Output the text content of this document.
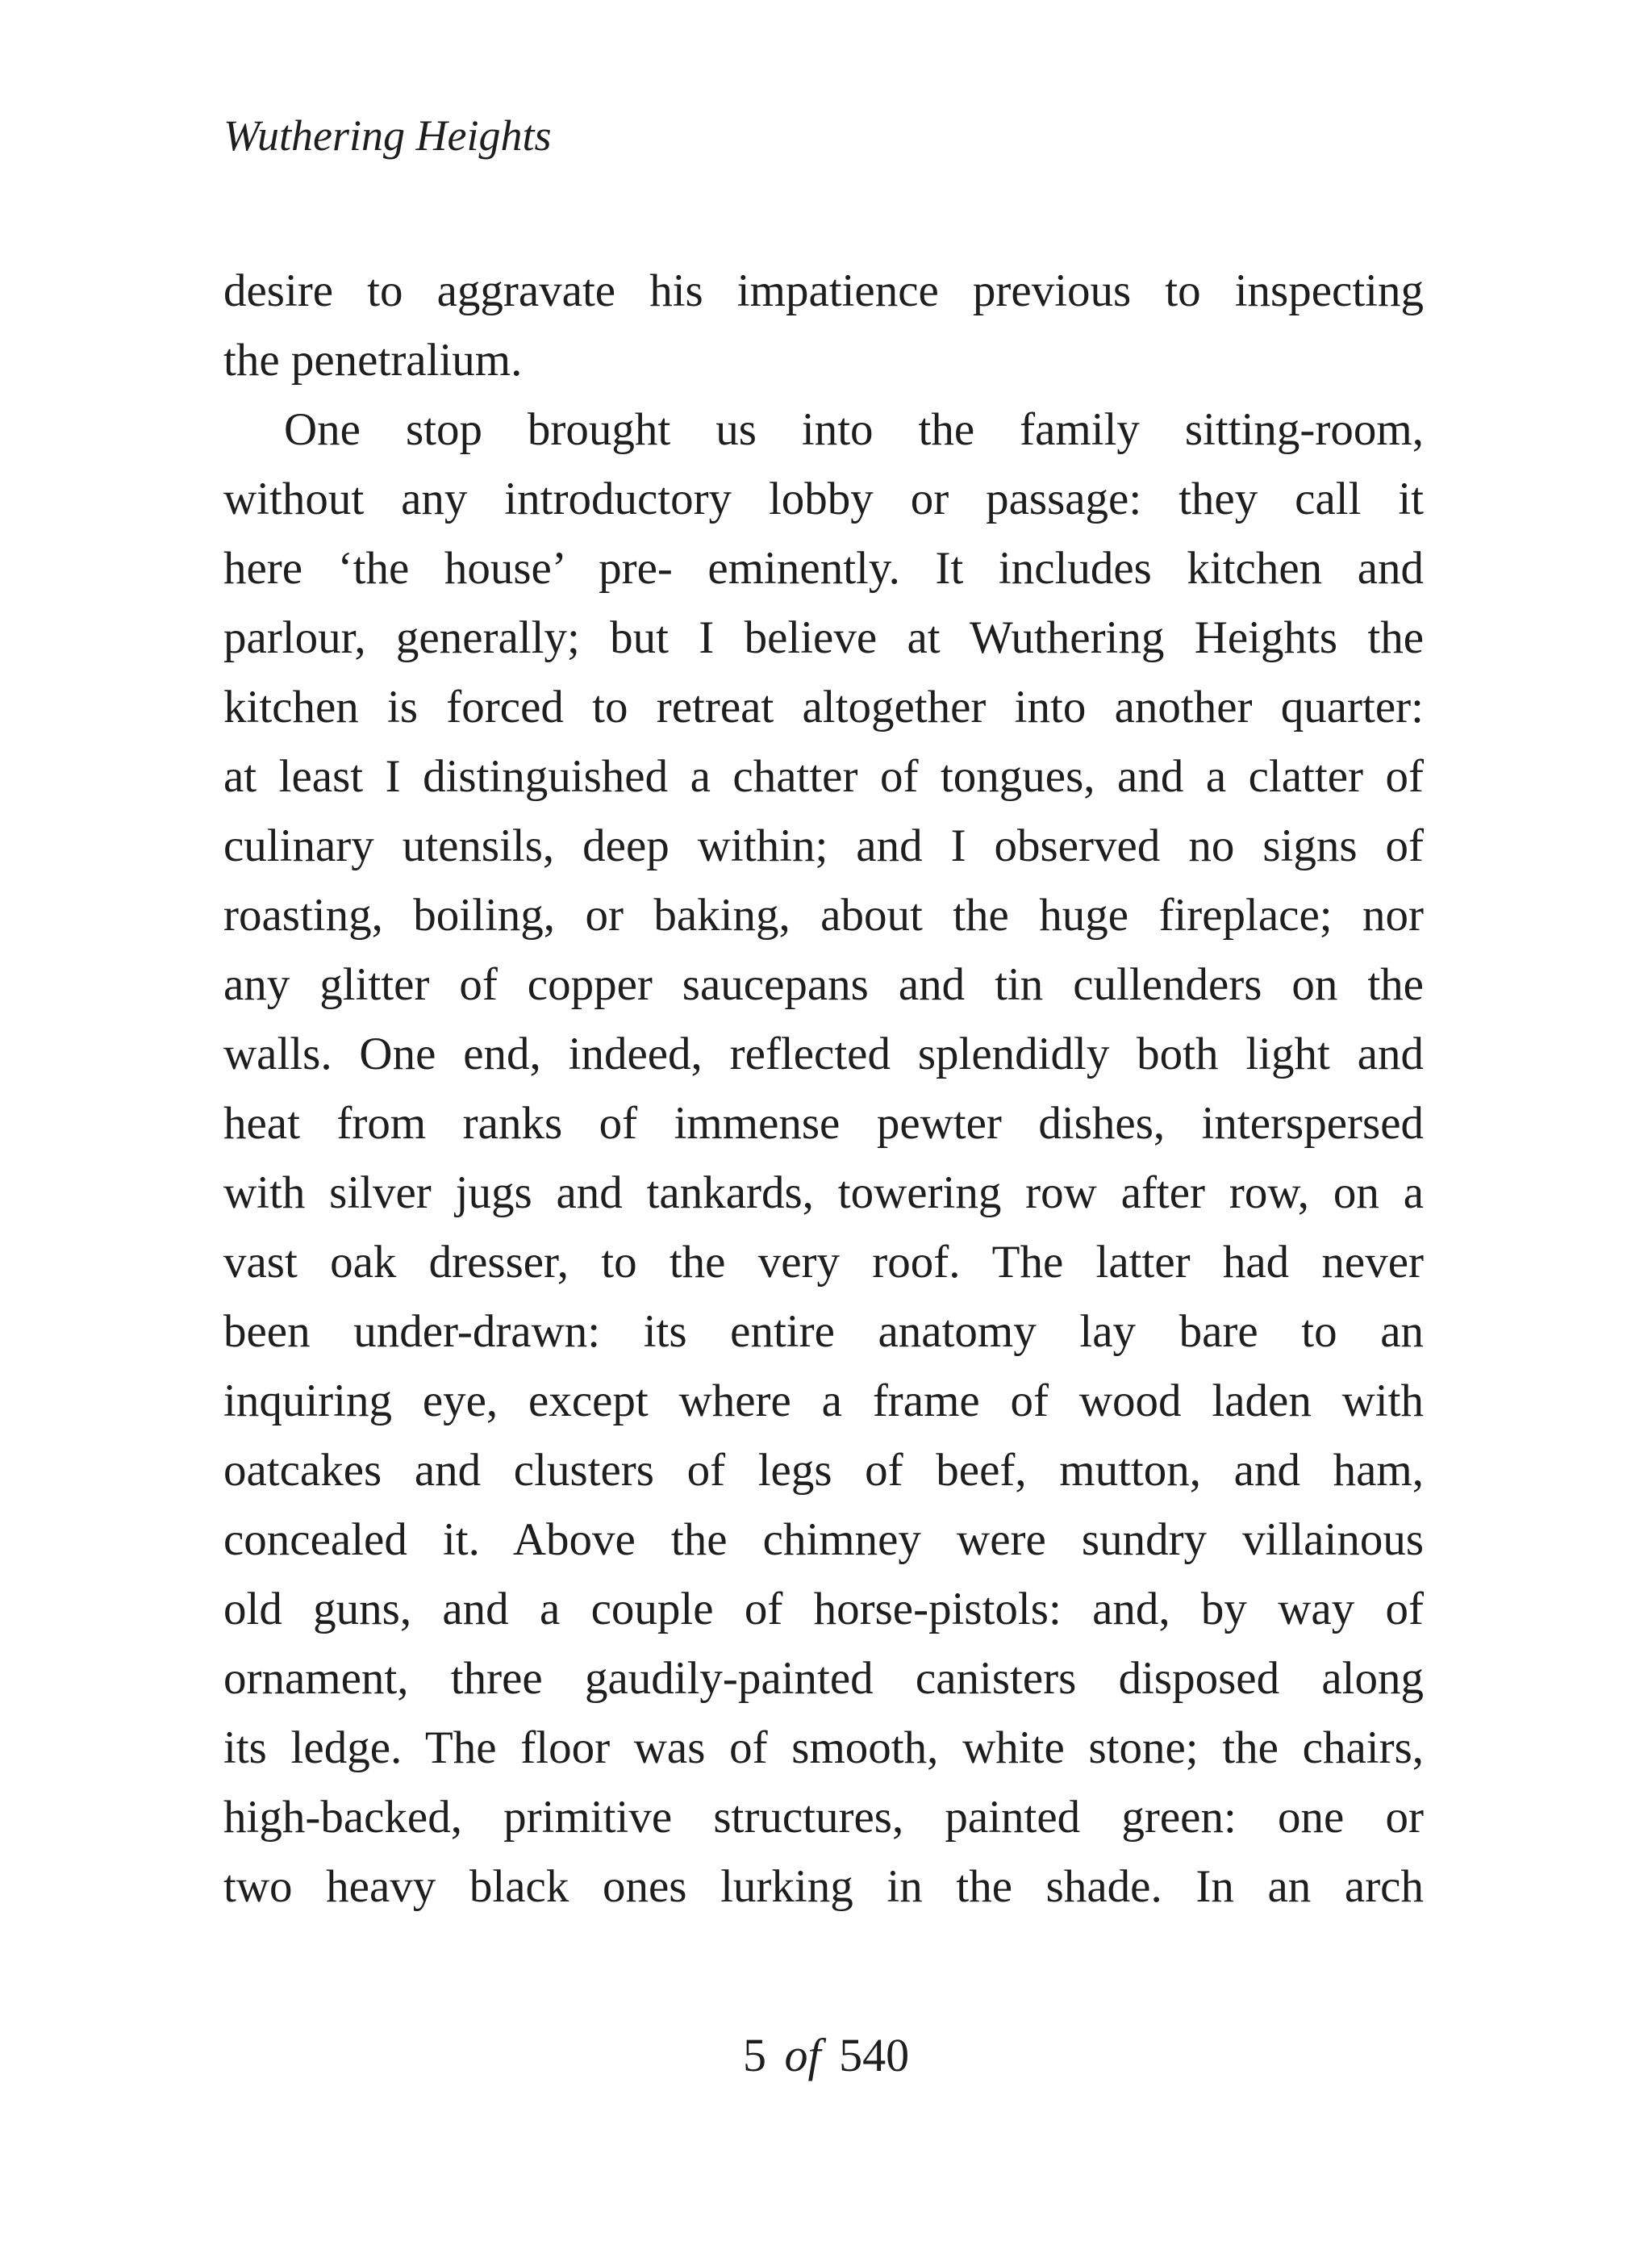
Wuthering Heights
desire to aggravate his impatience previous to inspecting
the penetralium.
One stop brought us into the family sitting-room,
without any introductory lobby or passage: they call it
here ‘the house’ pre- eminently. It includes kitchen and
parlour, generally; but I believe at Wuthering Heights the
kitchen is forced to retreat altogether into another quarter:
at least I distinguished a chatter of tongues, and a clatter of
culinary utensils, deep within; and I observed no signs of
roasting, boiling, or baking, about the huge fireplace; nor
any glitter of copper saucepans and tin cullenders on the
walls. One end, indeed, reflected splendidly both light and
heat from ranks of immense pewter dishes, interspersed
with silver jugs and tankards, towering row after row, on a
vast oak dresser, to the very roof. The latter had never
been under-drawn: its entire anatomy lay bare to an
inquiring eye, except where a frame of wood laden with
oatcakes and clusters of legs of beef, mutton, and ham,
concealed it. Above the chimney were sundry villainous
old guns, and a couple of horse-pistols: and, by way of
ornament, three gaudily-painted canisters disposed along
its ledge. The floor was of smooth, white stone; the chairs,
high-backed, primitive structures, painted green: one or
two heavy black ones lurking in the shade. In an arch
5 of 540
